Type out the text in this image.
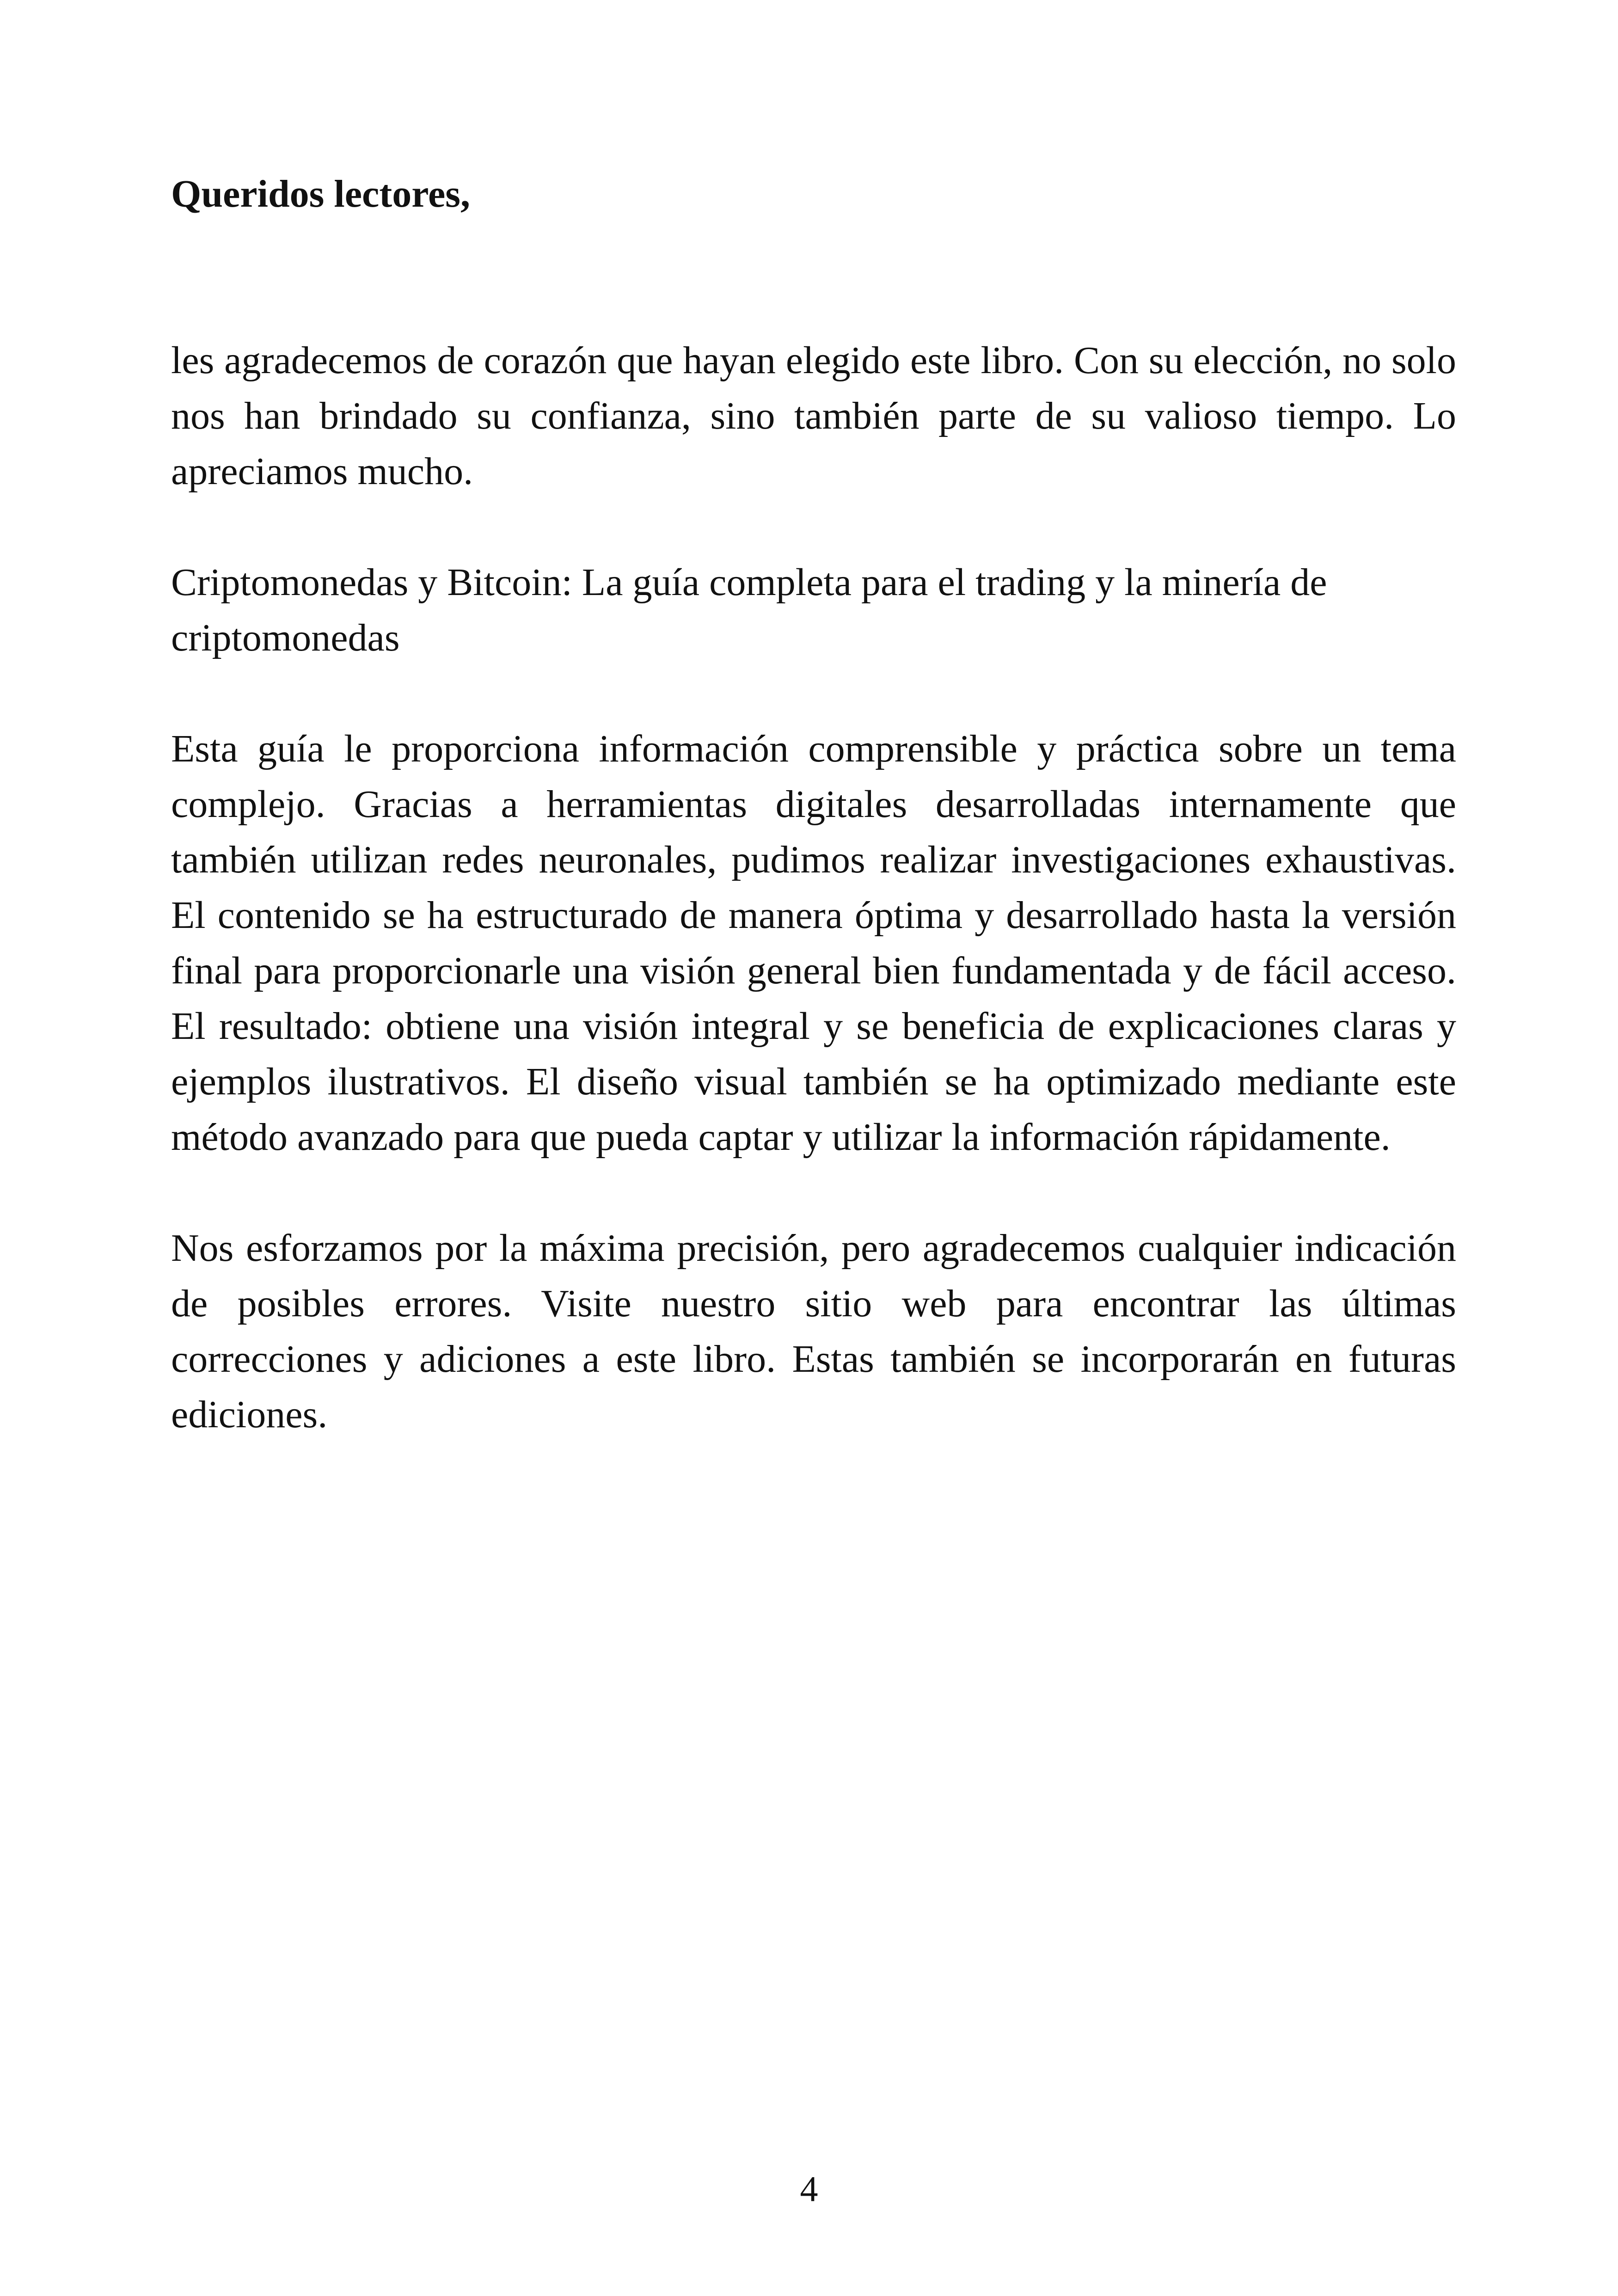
Queridos lectores,

les agradecemos de corazón que hayan elegido este libro. Con su elección, no solo nos han brindado su confianza, sino también parte de su valioso tiempo. Lo apreciamos mucho.

Criptomonedas y Bitcoin: La guía completa para el trading y la minería de criptomonedas

Esta guía le proporciona información comprensible y práctica sobre un tema complejo. Gracias a herramientas digitales desarrolladas internamente que también utilizan redes neuronales, pudimos realizar investigaciones exhaustivas. El contenido se ha estructurado de manera óptima y desarrollado hasta la versión final para proporcionarle una visión general bien fundamentada y de fácil acceso. El resultado: obtiene una visión integral y se beneficia de explicaciones claras y ejemplos ilustrativos. El diseño visual también se ha optimizado mediante este método avanzado para que pueda captar y utilizar la información rápidamente.

Nos esforzamos por la máxima precisión, pero agradecemos cualquier indicación de posibles errores. Visite nuestro sitio web para encontrar las últimas correcciones y adiciones a este libro. Estas también se incorporarán en futuras ediciones.

4
